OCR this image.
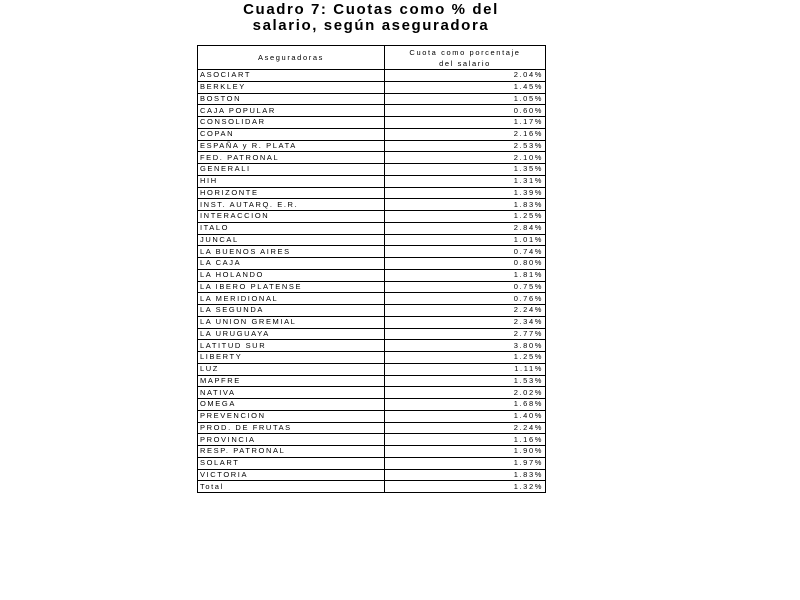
Cuadro 7: Cuotas como % del
salario, según aseguradora
Aseguradoras	Cuota como porcentaje
del salario

ASOCIART	2.04%
BERKLEY	1.45%
BOSTON	1.05%
CAJA POPULAR	0.60%
CONSOLIDAR	1.17%
COPAN	2.16%
ESPAÑA y R. PLATA	2.53%
FED. PATRONAL	2.10%
GENERALI	1.35%
HIH	1.31%
HORIZONTE	1.39%
INST. AUTARQ. E.R.	1.83%
INTERACCION	1.25%
ITALO	2.84%
JUNCAL	1.01%
LA BUENOS AIRES	0.74%
LA CAJA	0.80%
LA HOLANDO	1.81%
LA IBERO PLATENSE	0.75%
LA MERIDIONAL	0.76%
LA SEGUNDA	2.24%
LA UNION GREMIAL	2.34%
LA URUGUAYA	2.77%
LATITUD SUR	3.80%
LIBERTY	1.25%
LUZ	1.11%
MAPFRE	1.53%
NATIVA	2.02%
OMEGA	1.68%
PREVENCION	1.40%
PROD. DE FRUTAS	2.24%
PROVINCIA	1.16%
RESP. PATRONAL	1.90%
SOLART	1.97%
VICTORIA	1.83%
Total	1.32%
